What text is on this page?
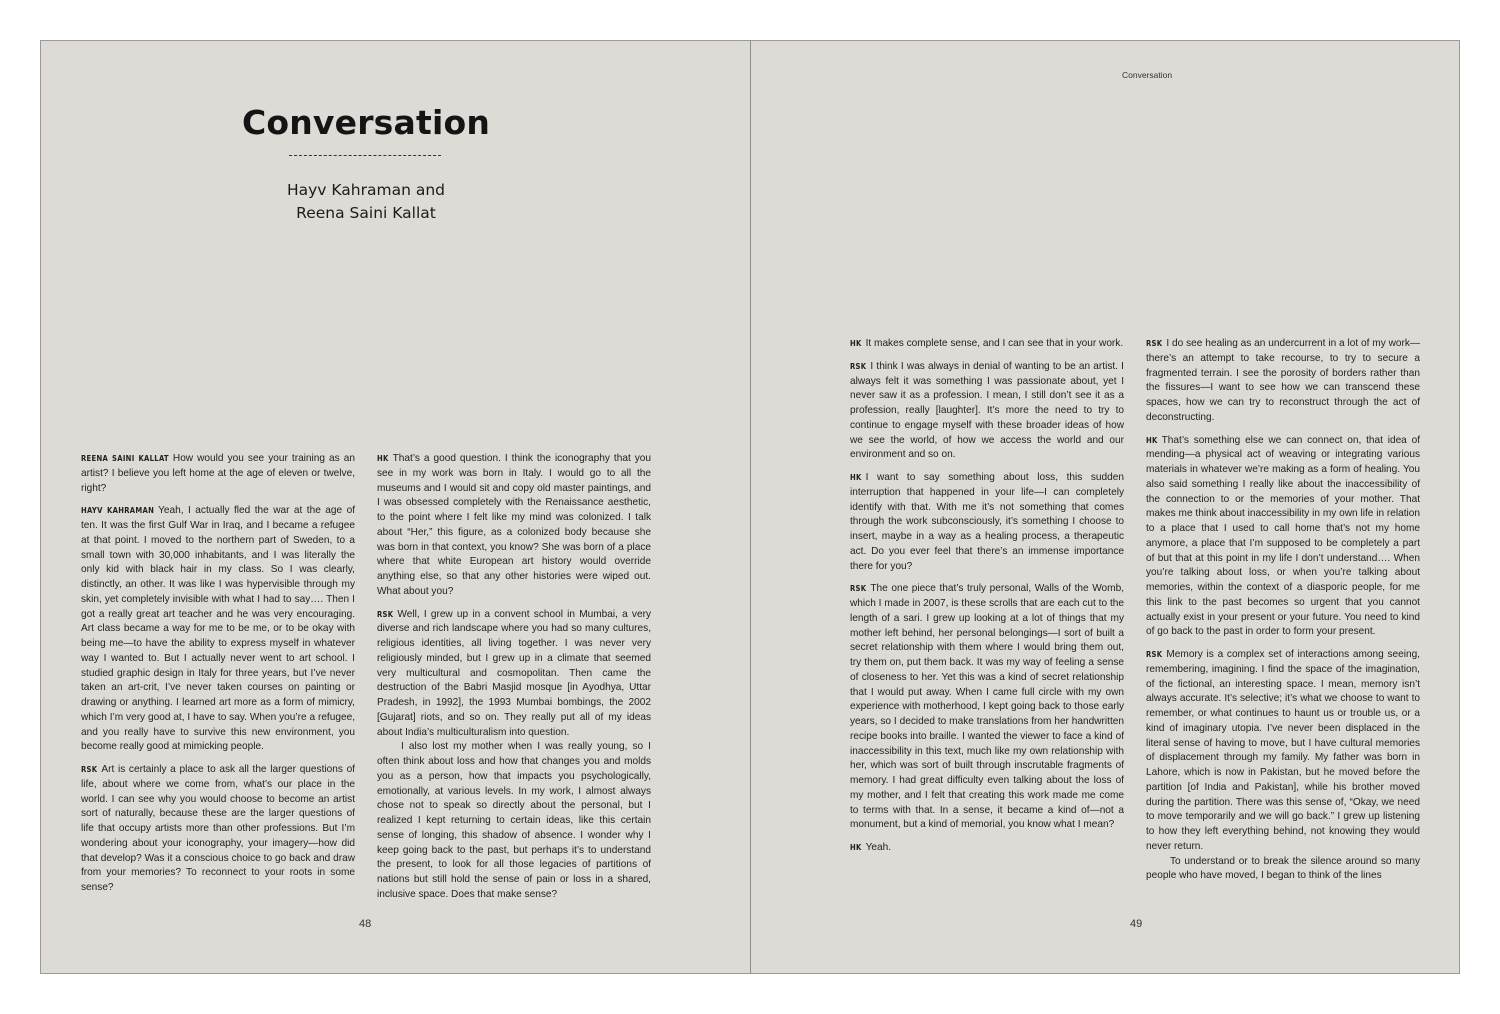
Conversation
Hayv Kahraman and
Reena Saini Kallat

REENA SAINI KALLAT How would you see your training as an artist? I believe you left home at the age of eleven or twelve, right?

HAYV KAHRAMAN Yeah, I actually fled the war at the age of ten. It was the first Gulf War in Iraq, and I became a refugee at that point. I moved to the northern part of Sweden, to a small town with 30,000 inhabitants, and I was literally the only kid with black hair in my class. So I was clearly, distinctly, an other. It was like I was hypervisible through my skin, yet completely invisible with what I had to say…. Then I got a really great art teacher and he was very encouraging. Art class became a way for me to be me, or to be okay with being me—to have the ability to express myself in whatever way I wanted to. But I actually never went to art school. I studied graphic design in Italy for three years, but I’ve never taken an art-crit, I’ve never taken courses on painting or drawing or anything. I learned art more as a form of mimicry, which I’m very good at, I have to say. When you’re a refugee, and you really have to survive this new environment, you become really good at mimicking people.

RSK Art is certainly a place to ask all the larger questions of life, about where we come from, what’s our place in the world. I can see why you would choose to become an artist sort of naturally, because these are the larger questions of life that occupy artists more than other professions. But I’m wondering about your iconography, your imagery—how did that develop? Was it a conscious choice to go back and draw from your memories? To reconnect to your roots in some sense?

HK That’s a good question. I think the iconography that you see in my work was born in Italy. I would go to all the museums and I would sit and copy old master paintings, and I was obsessed completely with the Renaissance aesthetic, to the point where I felt like my mind was colonized. I talk about “Her,” this figure, as a colonized body because she was born in that context, you know? She was born of a place where that white European art history would override anything else, so that any other histories were wiped out. What about you?

RSK Well, I grew up in a convent school in Mumbai, a very diverse and rich landscape where you had so many cultures, religious identities, all living together. I was never very religiously minded, but I grew up in a climate that seemed very multicultural and cosmopolitan. Then came the destruction of the Babri Masjid mosque [in Ayodhya, Uttar Pradesh, in 1992], the 1993 Mumbai bombings, the 2002 [Gujarat] riots, and so on. They really put all of my ideas about India’s multiculturalism into question.

I also lost my mother when I was really young, so I often think about loss and how that changes you and molds you as a person, how that impacts you psychologically, emotionally, at various levels. In my work, I almost always chose not to speak so directly about the personal, but I realized I kept returning to certain ideas, like this certain sense of longing, this shadow of absence. I wonder why I keep going back to the past, but perhaps it’s to understand the present, to look for all those legacies of partitions of nations but still hold the sense of pain or loss in a shared, inclusive space. Does that make sense?

48
Conversation

HK It makes complete sense, and I can see that in your work.

RSK I think I was always in denial of wanting to be an artist. I always felt it was something I was passionate about, yet I never saw it as a profession. I mean, I still don’t see it as a profession, really [laughter]. It’s more the need to try to continue to engage myself with these broader ideas of how we see the world, of how we access the world and our environment and so on.

HK I want to say something about loss, this sudden interruption that happened in your life—I can completely identify with that. With me it’s not something that comes through the work subconsciously, it’s something I choose to insert, maybe in a way as a healing process, a therapeutic act. Do you ever feel that there’s an immense importance there for you?

RSK The one piece that’s truly personal, Walls of the Womb, which I made in 2007, is these scrolls that are each cut to the length of a sari. I grew up looking at a lot of things that my mother left behind, her personal belongings—I sort of built a secret relationship with them where I would bring them out, try them on, put them back. It was my way of feeling a sense of closeness to her. Yet this was a kind of secret relationship that I would put away. When I came full circle with my own experience with motherhood, I kept going back to those early years, so I decided to make translations from her handwritten recipe books into braille. I wanted the viewer to face a kind of inaccessibility in this text, much like my own relationship with her, which was sort of built through inscrutable fragments of memory. I had great difficulty even talking about the loss of my mother, and I felt that creating this work made me come to terms with that. In a sense, it became a kind of—not a monument, but a kind of memorial, you know what I mean?

HK Yeah.

RSK I do see healing as an undercurrent in a lot of my work—there’s an attempt to take recourse, to try to secure a fragmented terrain. I see the porosity of borders rather than the fissures—I want to see how we can transcend these spaces, how we can try to reconstruct through the act of deconstructing.

HK That’s something else we can connect on, that idea of mending—a physical act of weaving or integrating various materials in whatever we’re making as a form of healing. You also said something I really like about the inaccessibility of the connection to or the memories of your mother. That makes me think about inaccessibility in my own life in relation to a place that I used to call home that’s not my home anymore, a place that I’m supposed to be completely a part of but that at this point in my life I don’t understand…. When you’re talking about loss, or when you’re talking about memories, within the context of a diasporic people, for me this link to the past becomes so urgent that you cannot actually exist in your present or your future. You need to kind of go back to the past in order to form your present.

RSK Memory is a complex set of interactions among seeing, remembering, imagining. I find the space of the imagination, of the fictional, an interesting space. I mean, memory isn’t always accurate. It’s selective; it’s what we choose to want to remember, or what continues to haunt us or trouble us, or a kind of imaginary utopia. I’ve never been displaced in the literal sense of having to move, but I have cultural memories of displacement through my family. My father was born in Lahore, which is now in Pakistan, but he moved before the partition [of India and Pakistan], while his brother moved during the partition. There was this sense of, “Okay, we need to move temporarily and we will go back.” I grew up listening to how they left everything behind, not knowing they would never return.

To understand or to break the silence around so many people who have moved, I began to think of the lines

49
